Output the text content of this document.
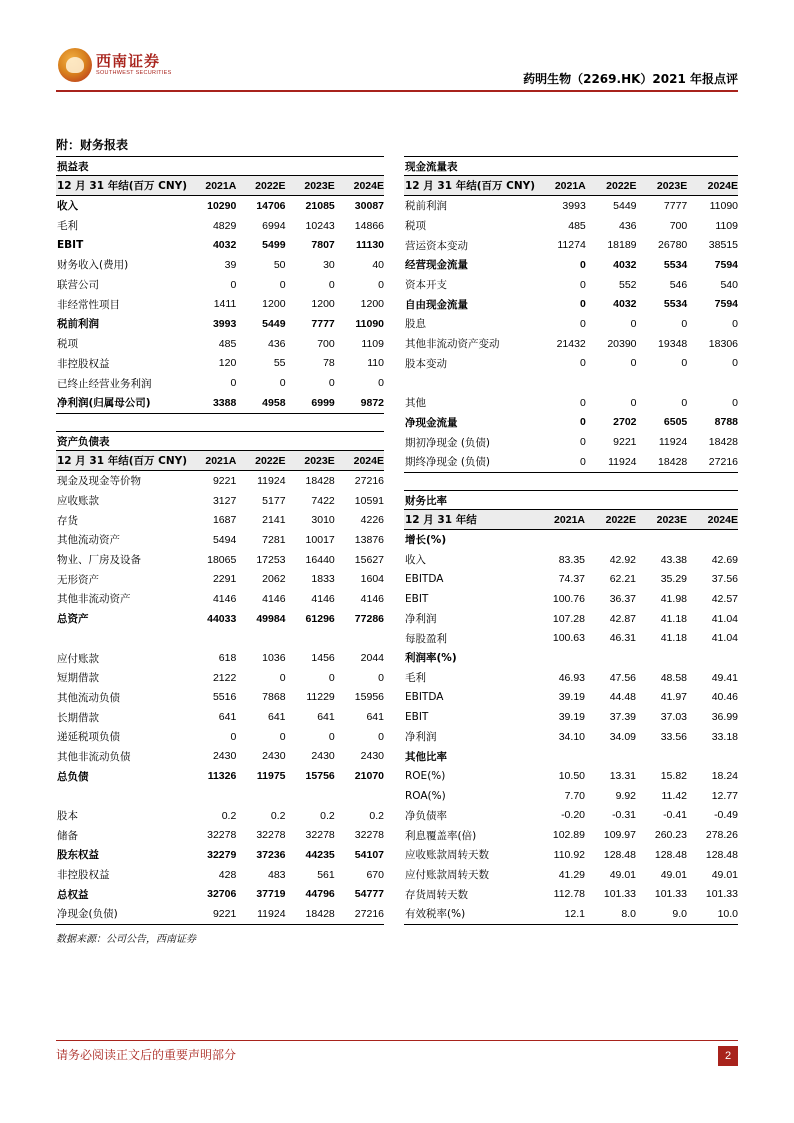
西南证券
SOUTHWEST SECURITIES	药明生物（2269.HK）2021 年报点评
附：财务报表
损益表				
12 月 31 年结(百万 CNY)	2021A	2022E	2023E	2024E
收入	10290	14706	21085	30087
毛利	4829	6994	10243	14866
EBIT	4032	5499	7807	11130
财务收入(费用)	39	50	30	40
联营公司	0	0	0	0
非经常性项目	1411	1200	1200	1200
税前利润	3993	5449	7777	11090
税项	485	436	700	1109
非控股权益	120	55	78	110
已终止经营业务利润	0	0	0	0
净利润(归属母公司)	3388	4958	6999	9872
现金流量表				
12 月 31 年结(百万 CNY)	2021A	2022E	2023E	2024E
税前利润	3993	5449	7777	11090
税项	485	436	700	1109
营运资本变动	11274	18189	26780	38515
经营现金流量	0	4032	5534	7594
资本开支	0	552	546	540
自由现金流量	0	4032	5534	7594
股息	0	0	0	0
其他非流动资产变动	21432	20390	19348	18306
股本变动	0	0	0	0

其他	0	0	0	0
净现金流量	0	2702	6505	8788
期初净现金 (负债)	0	9221	11924	18428
期终净现金 (负债)	0	11924	18428	27216
资产负债表				
12 月 31 年结(百万 CNY)	2021A	2022E	2023E	2024E
现金及现金等价物	9221	11924	18428	27216
应收账款	3127	5177	7422	10591
存货	1687	2141	3010	4226
其他流动资产	5494	7281	10017	13876
物业、厂房及设备	18065	17253	16440	15627
无形资产	2291	2062	1833	1604
其他非流动资产	4146	4146	4146	4146
总资产	44033	49984	61296	77286

应付账款	618	1036	1456	2044
短期借款	2122	0	0	0
其他流动负债	5516	7868	11229	15956
长期借款	641	641	641	641
递延税项负债	0	0	0	0
其他非流动负债	2430	2430	2430	2430
总负债	11326	11975	15756	21070

股本	0.2	0.2	0.2	0.2
储备	32278	32278	32278	32278
股东权益	32279	37236	44235	54107
非控股权益	428	483	561	670
总权益	32706	37719	44796	54777
净现金(负债)	9221	11924	18428	27216
财务比率				
12 月 31 年结	2021A	2022E	2023E	2024E
增长(%)				
收入	83.35	42.92	43.38	42.69
EBITDA	74.37	62.21	35.29	37.56
EBIT	100.76	36.37	41.98	42.57
净利润	107.28	42.87	41.18	41.04
每股盈利	100.63	46.31	41.18	41.04
利润率(%)				
毛利	46.93	47.56	48.58	49.41
EBITDA	39.19	44.48	41.97	40.46
EBIT	39.19	37.39	37.03	36.99
净利润	34.10	34.09	33.56	33.18
其他比率				
ROE(%)	10.50	13.31	15.82	18.24
ROA(%)	7.70	9.92	11.42	12.77
净负债率	-0.20	-0.31	-0.41	-0.49
利息覆盖率(倍)	102.89	109.97	260.23	278.26
应收账款周转天数	110.92	128.48	128.48	128.48
应付账款周转天数	41.29	49.01	49.01	49.01
存货周转天数	112.78	101.33	101.33	101.33
有效税率(%)	12.1	8.0	9.0	10.0
数据来源：公司公告，西南证券
请务必阅读正文后的重要声明部分	2
